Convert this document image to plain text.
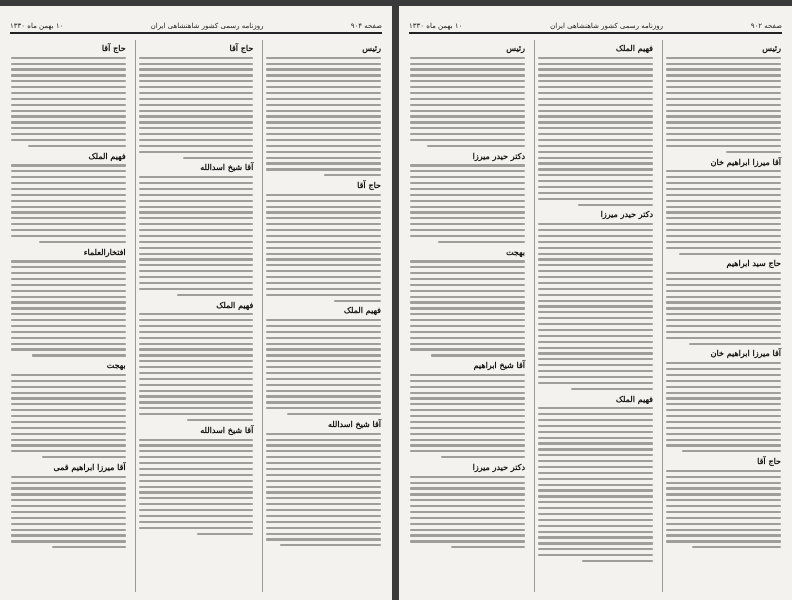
صفحه ۹۰۴
روزنامه رسمی کشور شاهنشاهی ایران
۱۰ بهمن ماه ۱۳۳۰
رئیس
حاج آقا
فهیم الملک
آقا شیخ اسدالله
حاج آقا
آقا شیخ اسدالله
فهیم الملک
آقا شیخ اسدالله
حاج آقا
فهیم الملک
افتخارالعلماء
بهجت
آقا میرزا ابراهیم قمی
صفحه ۹۰۲
روزنامه رسمی کشور شاهنشاهی ایران
۱۰ بهمن ماه ۱۳۳۰
رئیس
آقا میرزا ابراهیم خان
حاج سید ابراهیم
آقا میرزا ابراهیم خان
حاج آقا
فهیم الملک
دکتر حیدر میرزا
فهیم الملک
رئیس
دکتر حیدر میرزا
بهجت
آقا شیخ ابراهیم
دکتر حیدر میرزا
